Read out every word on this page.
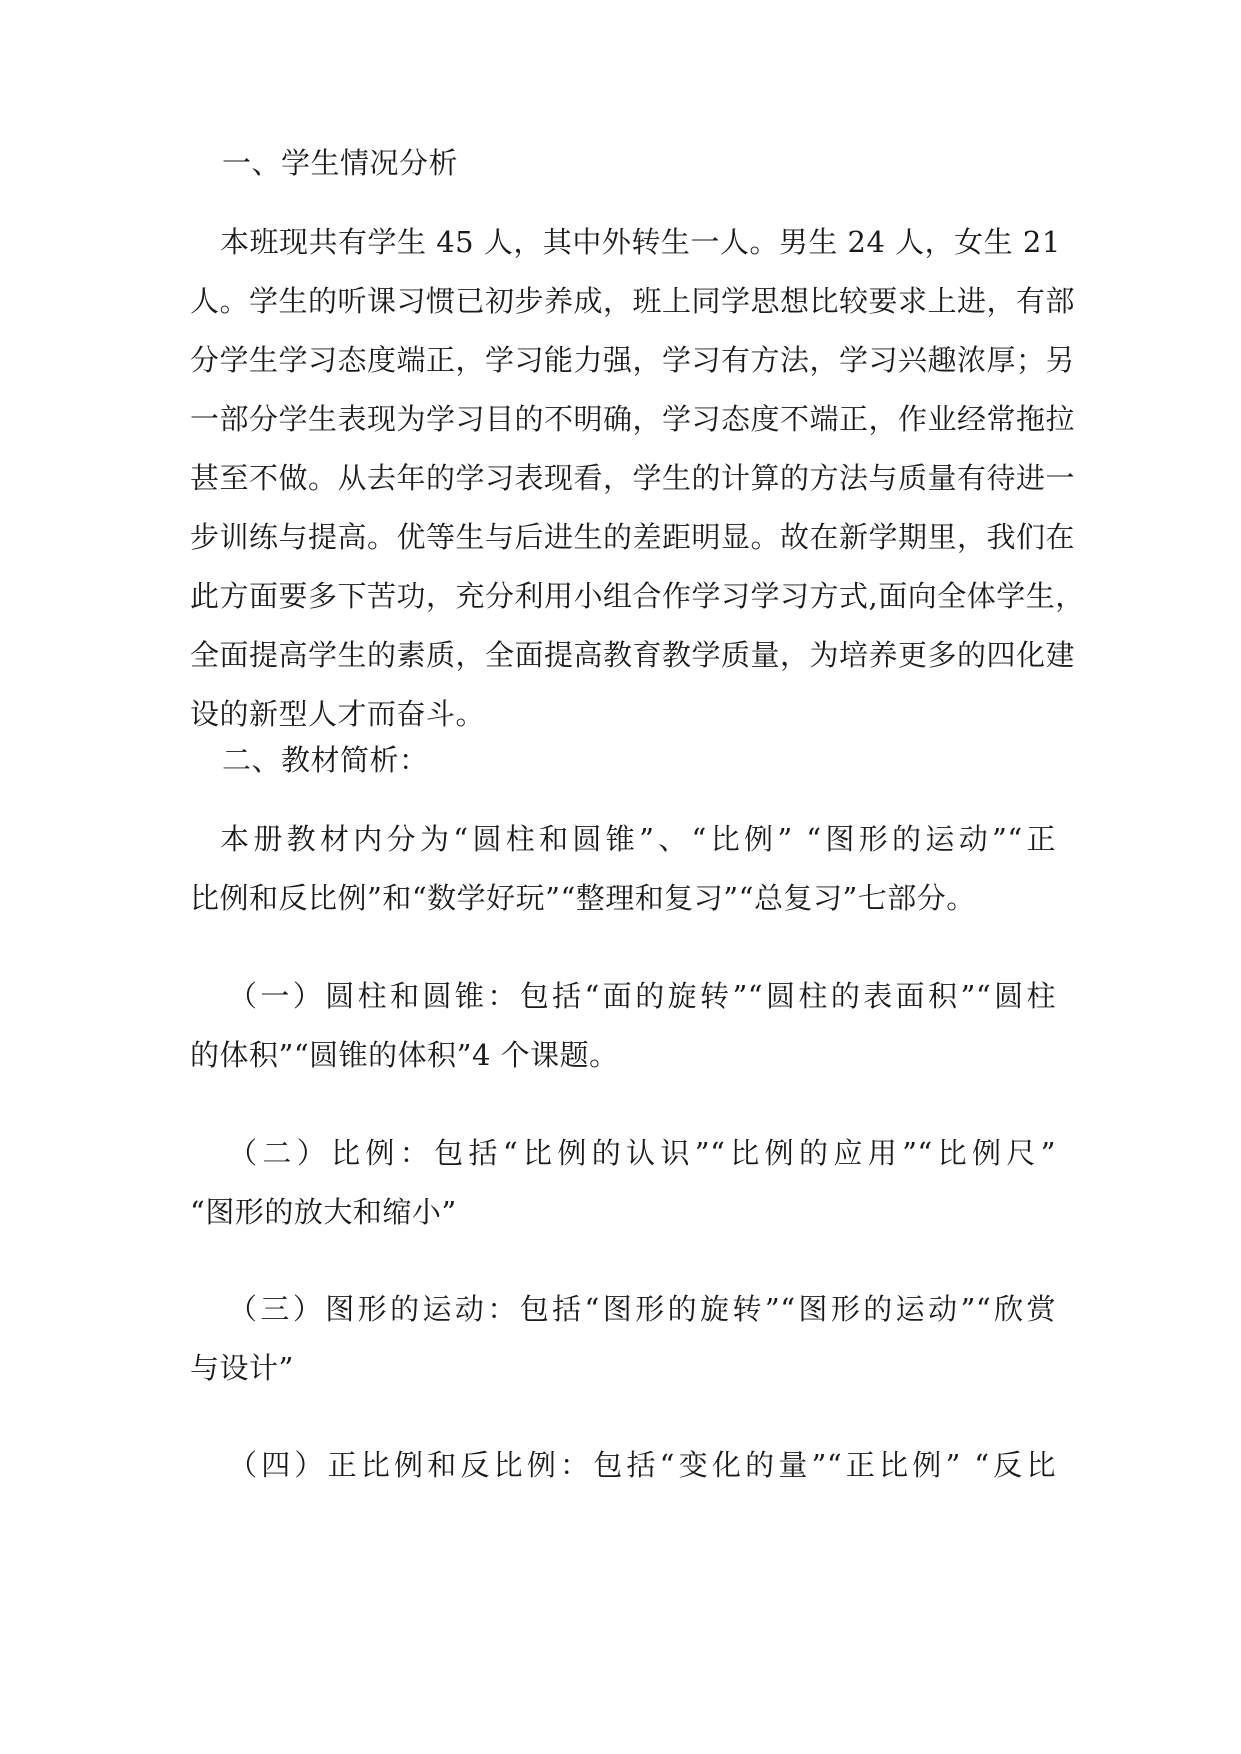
一、学生情况分析
本班现共有学生 45 人，其中外转生一人。男生 24 人，女生 21
人。学生的听课习惯已初步养成，班上同学思想比较要求上进，有部
分学生学习态度端正，学习能力强，学习有方法，学习兴趣浓厚；另
一部分学生表现为学习目的不明确，学习态度不端正，作业经常拖拉
甚至不做。从去年的学习表现看，学生的计算的方法与质量有待进一
步训练与提高。优等生与后进生的差距明显。故在新学期里，我们在
此方面要多下苦功，充分利用小组合作学习学习方式,面向全体学生，
全面提高学生的素质，全面提高教育教学质量，为培养更多的四化建
设的新型人才而奋斗。
二、教材简析：
本册教材内分为“圆柱和圆锥”、“比例” “图形的运动”“正
比例和反比例”和“数学好玩”“整理和复习”“总复习”七部分。
（一）圆柱和圆锥：包括“面的旋转”“圆柱的表面积”“圆柱
的体积”“圆锥的体积”4 个课题。
（二）比例：包括“比例的认识”“比例的应用”“比例尺”
“图形的放大和缩小”
（三）图形的运动：包括“图形的旋转”“图形的运动”“欣赏
与设计”
（四）正比例和反比例：包括“变化的量”“正比例” “反比
